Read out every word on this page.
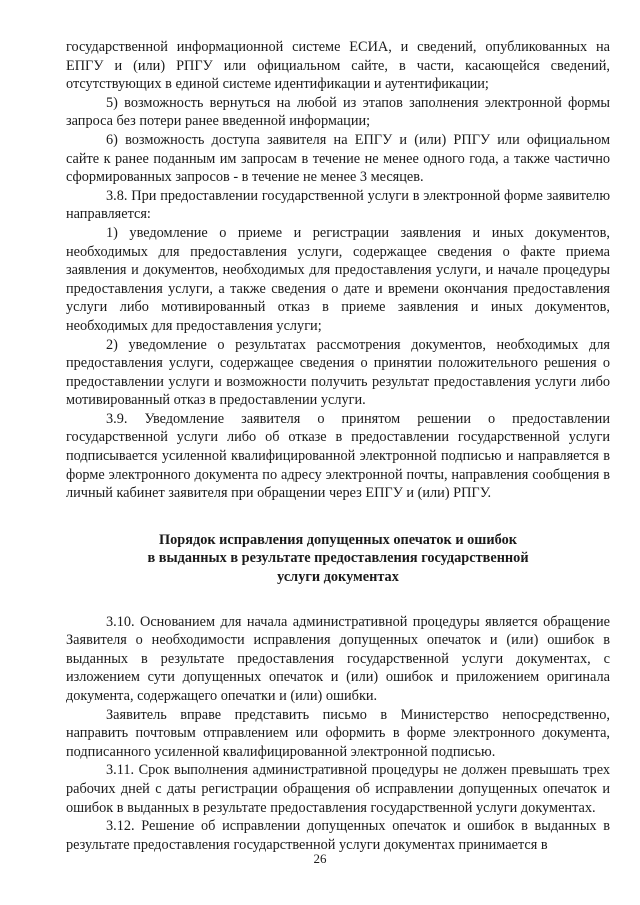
государственной информационной системе ЕСИА, и сведений, опубликованных на ЕПГУ и (или) РПГУ или официальном сайте, в части, касающейся сведений, отсутствующих в единой системе идентификации и аутентификации;

5) возможность вернуться на любой из этапов заполнения электронной формы запроса без потери ранее введенной информации;

6) возможность доступа заявителя на ЕПГУ и (или) РПГУ или официальном сайте к ранее поданным им запросам в течение не менее одного года, а также частично сформированных запросов - в течение не менее 3 месяцев.

3.8. При предоставлении государственной услуги в электронной форме заявителю направляется:

1) уведомление о приеме и регистрации заявления и иных документов, необходимых для предоставления услуги, содержащее сведения о факте приема заявления и документов, необходимых для предоставления услуги, и начале процедуры предоставления услуги, а также сведения о дате и времени окончания предоставления услуги либо мотивированный отказ в приеме заявления и иных документов, необходимых для предоставления услуги;

2) уведомление о результатах рассмотрения документов, необходимых для предоставления услуги, содержащее сведения о принятии положительного решения о предоставлении услуги и возможности получить результат предоставления услуги либо мотивированный отказ в предоставлении услуги.

3.9. Уведомление заявителя о принятом решении о предоставлении государственной услуги либо об отказе в предоставлении государственной услуги подписывается усиленной квалифицированной электронной подписью и направляется в форме электронного документа по адресу электронной почты, направления сообщения в личный кабинет заявителя при обращении через ЕПГУ и (или) РПГУ.

Порядок исправления допущенных опечаток и ошибок
в выданных в результате предоставления государственной
услуги документах

3.10. Основанием для начала административной процедуры является обращение Заявителя о необходимости исправления допущенных опечаток и (или) ошибок в выданных в результате предоставления государственной услуги документах, с изложением сути допущенных опечаток и (или) ошибок и приложением оригинала документа, содержащего опечатки и (или) ошибки.

Заявитель вправе представить письмо в Министерство непосредственно, направить почтовым отправлением или оформить в форме электронного документа, подписанного усиленной квалифицированной электронной подписью.

3.11. Срок выполнения административной процедуры не должен превышать трех рабочих дней с даты регистрации обращения об исправлении допущенных опечаток и ошибок в выданных в результате предоставления государственной услуги документах.

3.12. Решение об исправлении допущенных опечаток и ошибок в выданных в результате предоставления государственной услуги документах принимается в

26
